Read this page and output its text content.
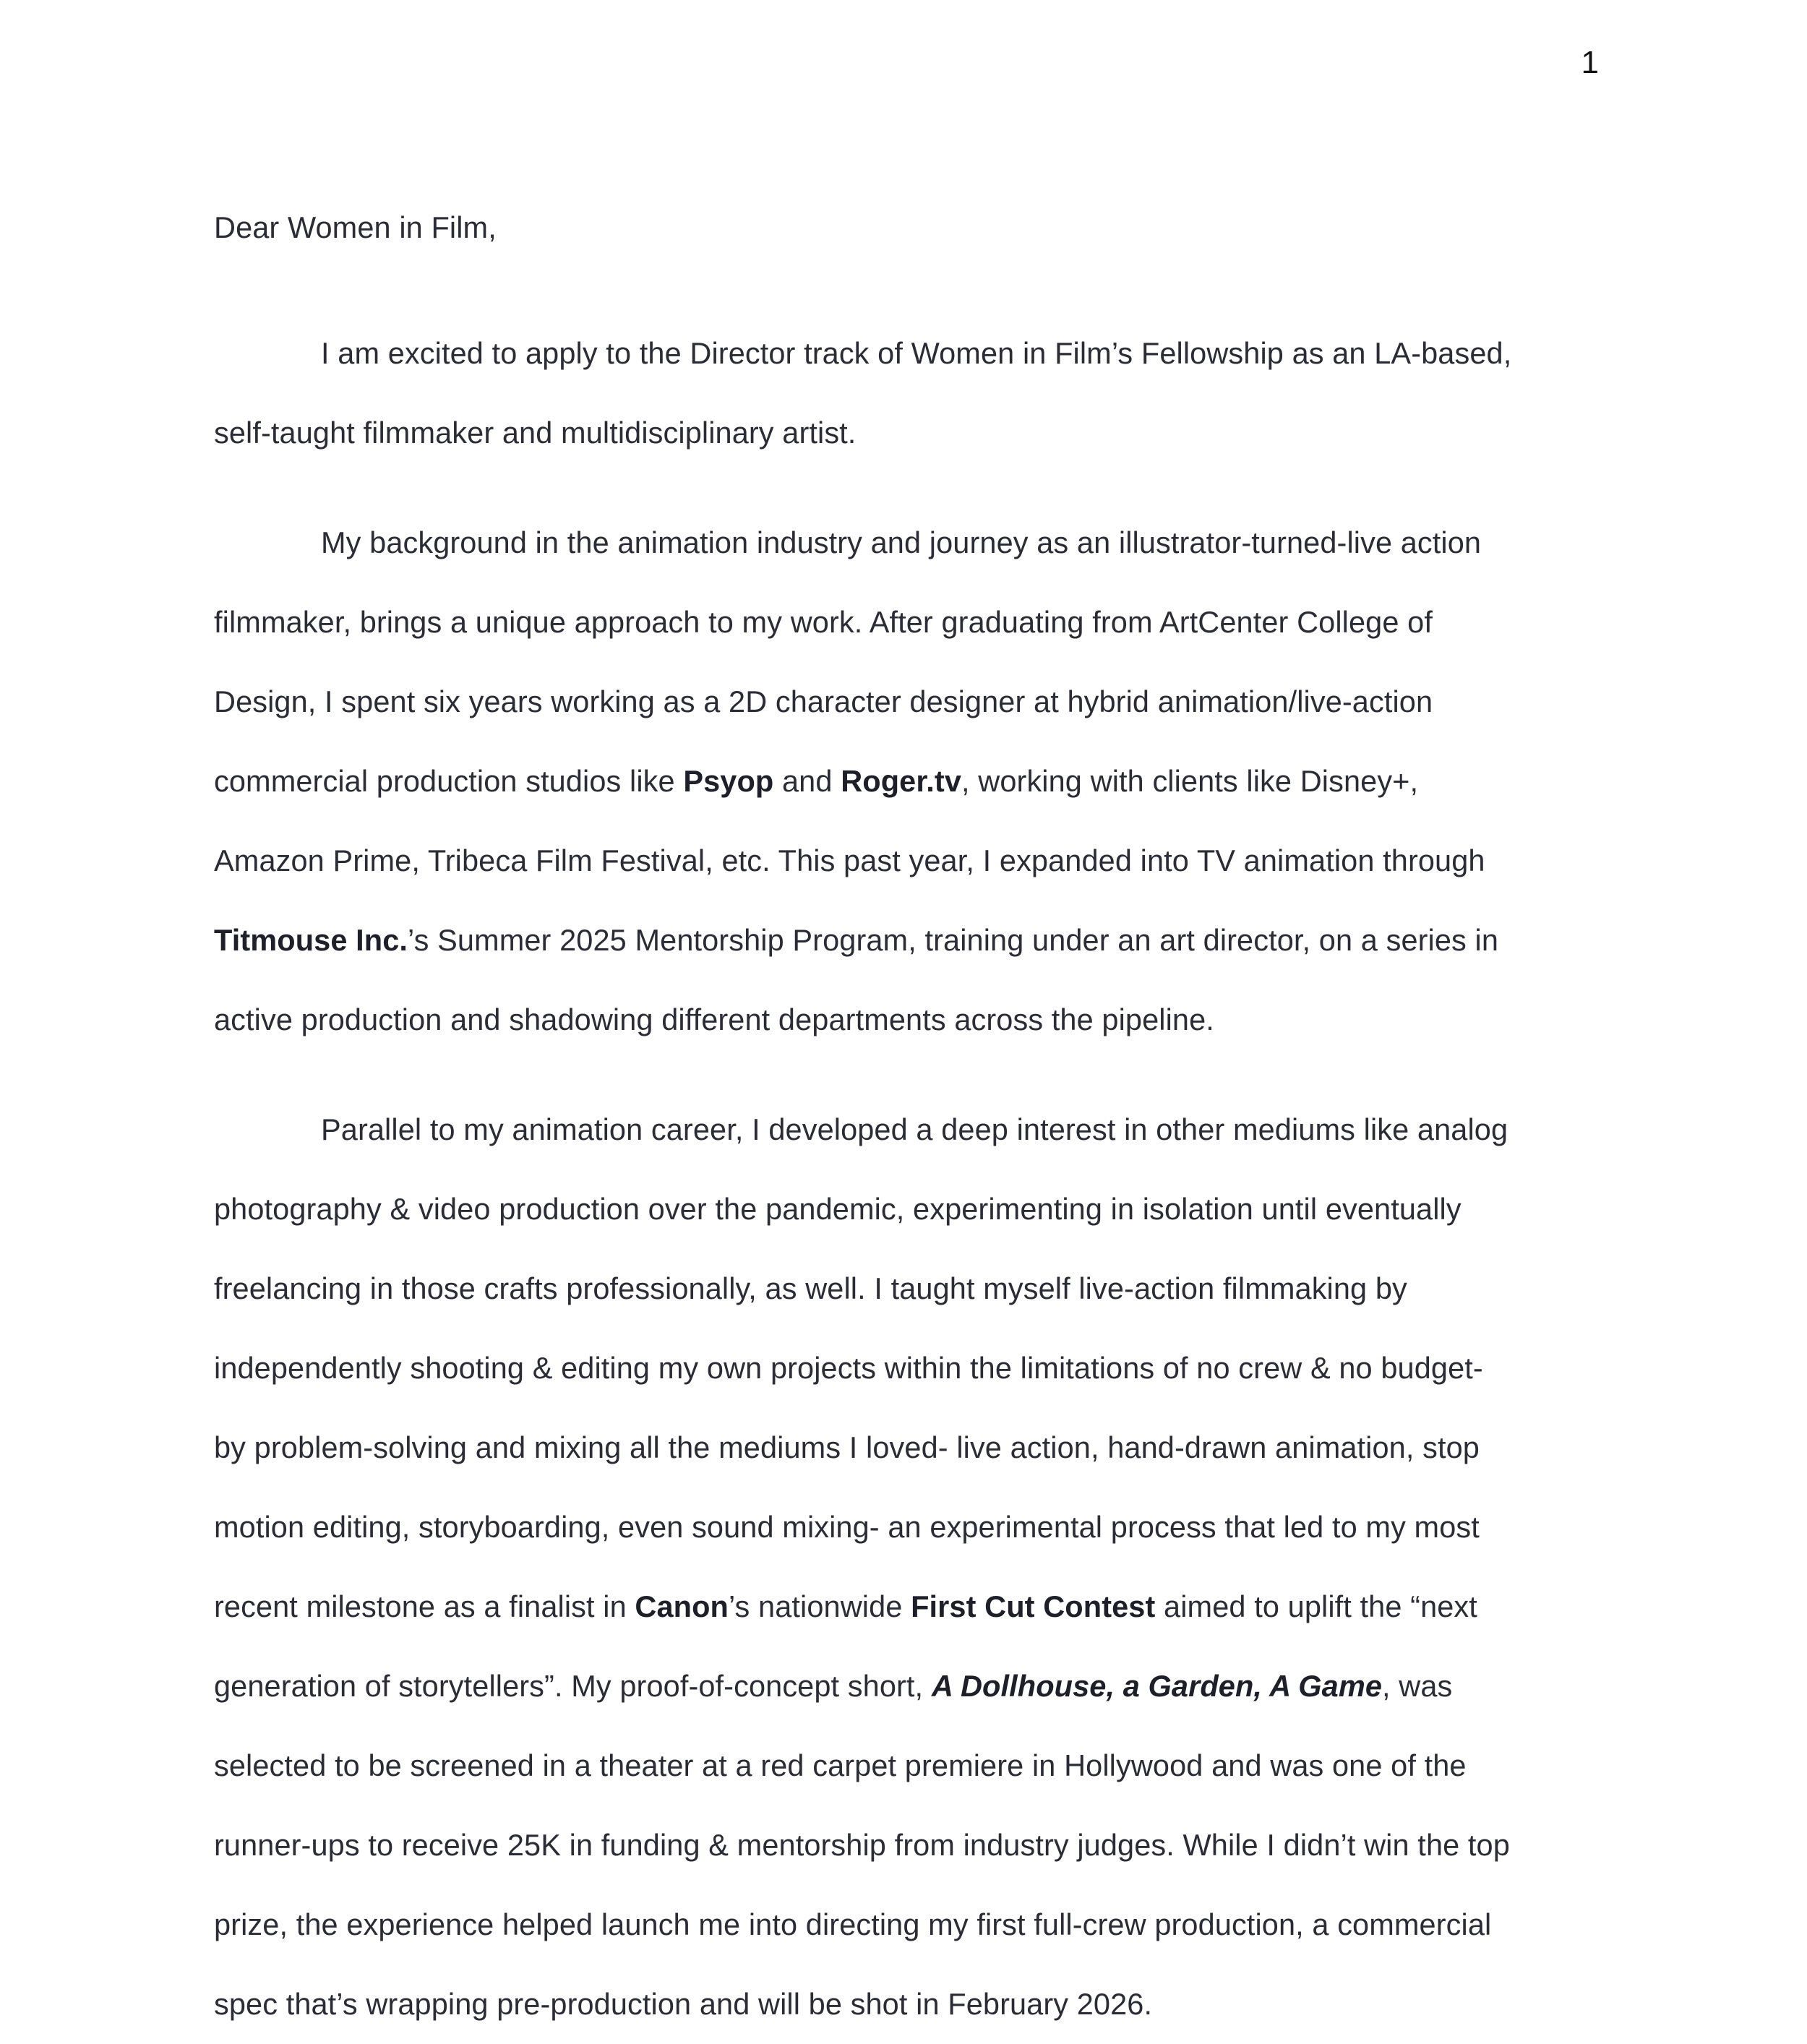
1

Dear Women in Film,

I am excited to apply to the Director track of Women in Film’s Fellowship as an LA-based,
self-taught filmmaker and multidisciplinary artist.

My background in the animation industry and journey as an illustrator-turned-live action
filmmaker, brings a unique approach to my work. After graduating from ArtCenter College of
Design, I spent six years working as a 2D character designer at hybrid animation/live-action
commercial production studios like Psyop and Roger.tv, working with clients like Disney+,
Amazon Prime, Tribeca Film Festival, etc. This past year, I expanded into TV animation through
Titmouse Inc.’s Summer 2025 Mentorship Program, training under an art director, on a series in
active production and shadowing different departments across the pipeline.

Parallel to my animation career, I developed a deep interest in other mediums like analog
photography & video production over the pandemic, experimenting in isolation until eventually
freelancing in those crafts professionally, as well. I taught myself live-action filmmaking by
independently shooting & editing my own projects within the limitations of no crew & no budget-
by problem-solving and mixing all the mediums I loved- live action, hand-drawn animation, stop
motion editing, storyboarding, even sound mixing- an experimental process that led to my most
recent milestone as a finalist in Canon’s nationwide First Cut Contest aimed to uplift the “next
generation of storytellers”. My proof-of-concept short, A Dollhouse, a Garden, A Game, was
selected to be screened in a theater at a red carpet premiere in Hollywood and was one of the
runner-ups to receive 25K in funding & mentorship from industry judges. While I didn’t win the top
prize, the experience helped launch me into directing my first full-crew production, a commercial
spec that’s wrapping pre-production and will be shot in February 2026.
